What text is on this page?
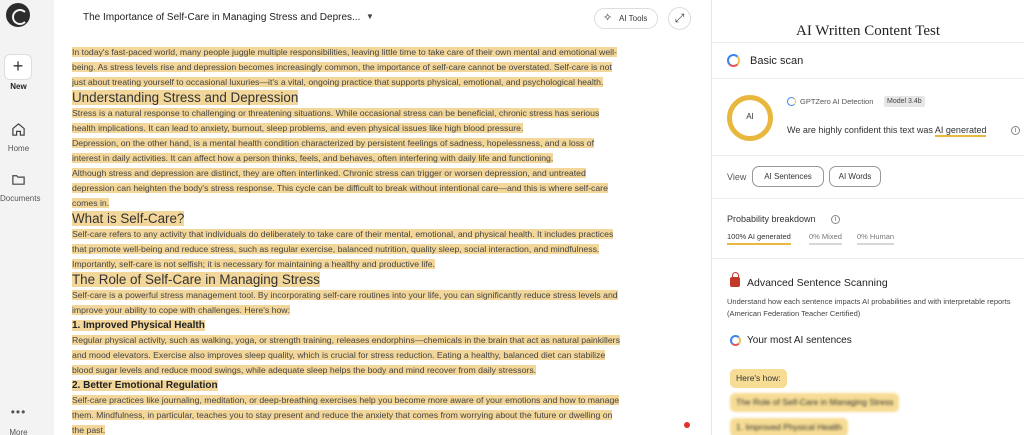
+
New
Home
Documents
•••
More
The Importance of Self-Care in Managing Stress and Depres... ▼	✧ AI Tools	⤢
In today's fast-paced world, many people juggle multiple responsibilities, leaving little time to take care of their own mental and emotional well-
being. As stress levels rise and depression becomes increasingly common, the importance of self-care cannot be overstated. Self-care is not
just about treating yourself to occasional luxuries—it's a vital, ongoing practice that supports physical, emotional, and psychological health.
Understanding Stress and Depression
Stress is a natural response to challenging or threatening situations. While occasional stress can be beneficial, chronic stress has serious
health implications. It can lead to anxiety, burnout, sleep problems, and even physical issues like high blood pressure.
Depression, on the other hand, is a mental health condition characterized by persistent feelings of sadness, hopelessness, and a loss of
interest in daily activities. It can affect how a person thinks, feels, and behaves, often interfering with daily life and functioning.
Although stress and depression are distinct, they are often interlinked. Chronic stress can trigger or worsen depression, and untreated
depression can heighten the body's stress response. This cycle can be difficult to break without intentional care—and this is where self-care
comes in.
What is Self-Care?
Self-care refers to any activity that individuals do deliberately to take care of their mental, emotional, and physical health. It includes practices
that promote well-being and reduce stress, such as regular exercise, balanced nutrition, quality sleep, social interaction, and mindfulness.
Importantly, self-care is not selfish; it is necessary for maintaining a healthy and productive life.
The Role of Self-Care in Managing Stress
Self-care is a powerful stress management tool. By incorporating self-care routines into your life, you can significantly reduce stress levels and
improve your ability to cope with challenges. Here's how:
1. Improved Physical Health
Regular physical activity, such as walking, yoga, or strength training, releases endorphins—chemicals in the brain that act as natural painkillers
and mood elevators. Exercise also improves sleep quality, which is crucial for stress reduction. Eating a healthy, balanced diet can stabilize
blood sugar levels and reduce mood swings, while adequate sleep helps the body and mind recover from daily stressors.
2. Better Emotional Regulation
Self-care practices like journaling, meditation, or deep-breathing exercises help you become more aware of your emotions and how to manage
them. Mindfulness, in particular, teaches you to stay present and reduce the anxiety that comes from worrying about the future or dwelling on
the past.
AI Written Content Test
Basic scan
AI
GPTZero AI Detection	Model 3.4b
We are highly confident this text was AI generated	i
View	AI Sentences	AI Words
Probability breakdown	i
100% AI generated 0% Mixed 0% Human
Advanced Sentence Scanning
Understand how each sentence impacts AI probabilities and with interpretable reports (American Federation Teacher Certified)
Your most AI sentences
Here's how:
The Role of Self-Care in Managing Stress
1. Improved Physical Health
